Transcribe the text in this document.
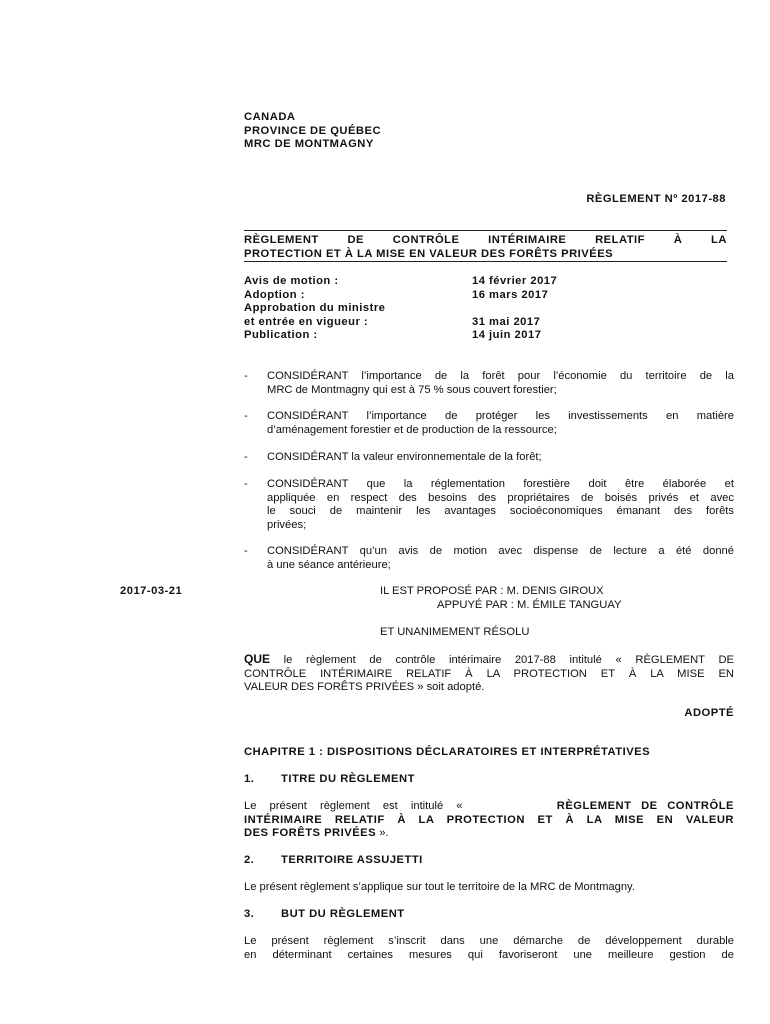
CANADA
PROVINCE DE QUÉBEC
MRC DE MONTMAGNY
RÈGLEMENT Nº 2017-88
RÈGLEMENT	DE	CONTRÔLE	INTÉRIMAIRE	RELATIF	À	LA
PROTECTION ET À LA MISE EN VALEUR DES FORÊTS PRIVÉES
Avis de motion :	14 février 2017
Adoption :	16 mars 2017
Approbation du ministre
et entrée en vigueur :	31 mai 2017
Publication :	14 juin 2017
- CONSIDÉRANT l’importance de la forêt pour l’économie du territoire de la
MRC de Montmagny qui est à 75 % sous couvert forestier;
- CONSIDÉRANT l’importance de protéger les investissements en matière
d’aménagement forestier et de production de la ressource;
- CONSIDÉRANT la valeur environnementale de la forêt;
- CONSIDÉRANT que la réglementation forestière doit être élaborée et
appliquée en respect des besoins des propriétaires de boisés privés et avec
le souci de maintenir les avantages socioéconomiques émanant des forêts
privées;
- CONSIDÉRANT qu’un avis de motion avec dispense de lecture a été donné
à une séance antérieure;
2017-03-21	IL EST PROPOSÉ PAR : M. DENIS GIROUX
APPUYÉ PAR : M. ÉMILE TANGUAY
ET UNANIMEMENT RÉSOLU
QUE le règlement de contrôle intérimaire 2017-88 intitulé « RÈGLEMENT DE
CONTRÔLE INTÉRIMAIRE RELATIF À LA PROTECTION ET À LA MISE EN
VALEUR DES FORÊTS PRIVÉES » soit adopté.
ADOPTÉ
CHAPITRE 1 : DISPOSITIONS DÉCLARATOIRES ET INTERPRÉTATIVES
1. TITRE DU RÈGLEMENT
Le présent règlement est intitulé «	RÈGLEMENT DE CONTRÔLE
INTÉRIMAIRE RELATIF À LA PROTECTION ET À LA MISE EN VALEUR
DES FORÊTS PRIVÉES ».
2. TERRITOIRE ASSUJETTI
Le présent règlement s’applique sur tout le territoire de la MRC de Montmagny.
3. BUT DU RÈGLEMENT
Le présent règlement s’inscrit dans une démarche de développement durable
en déterminant certaines mesures qui favoriseront une meilleure gestion de
